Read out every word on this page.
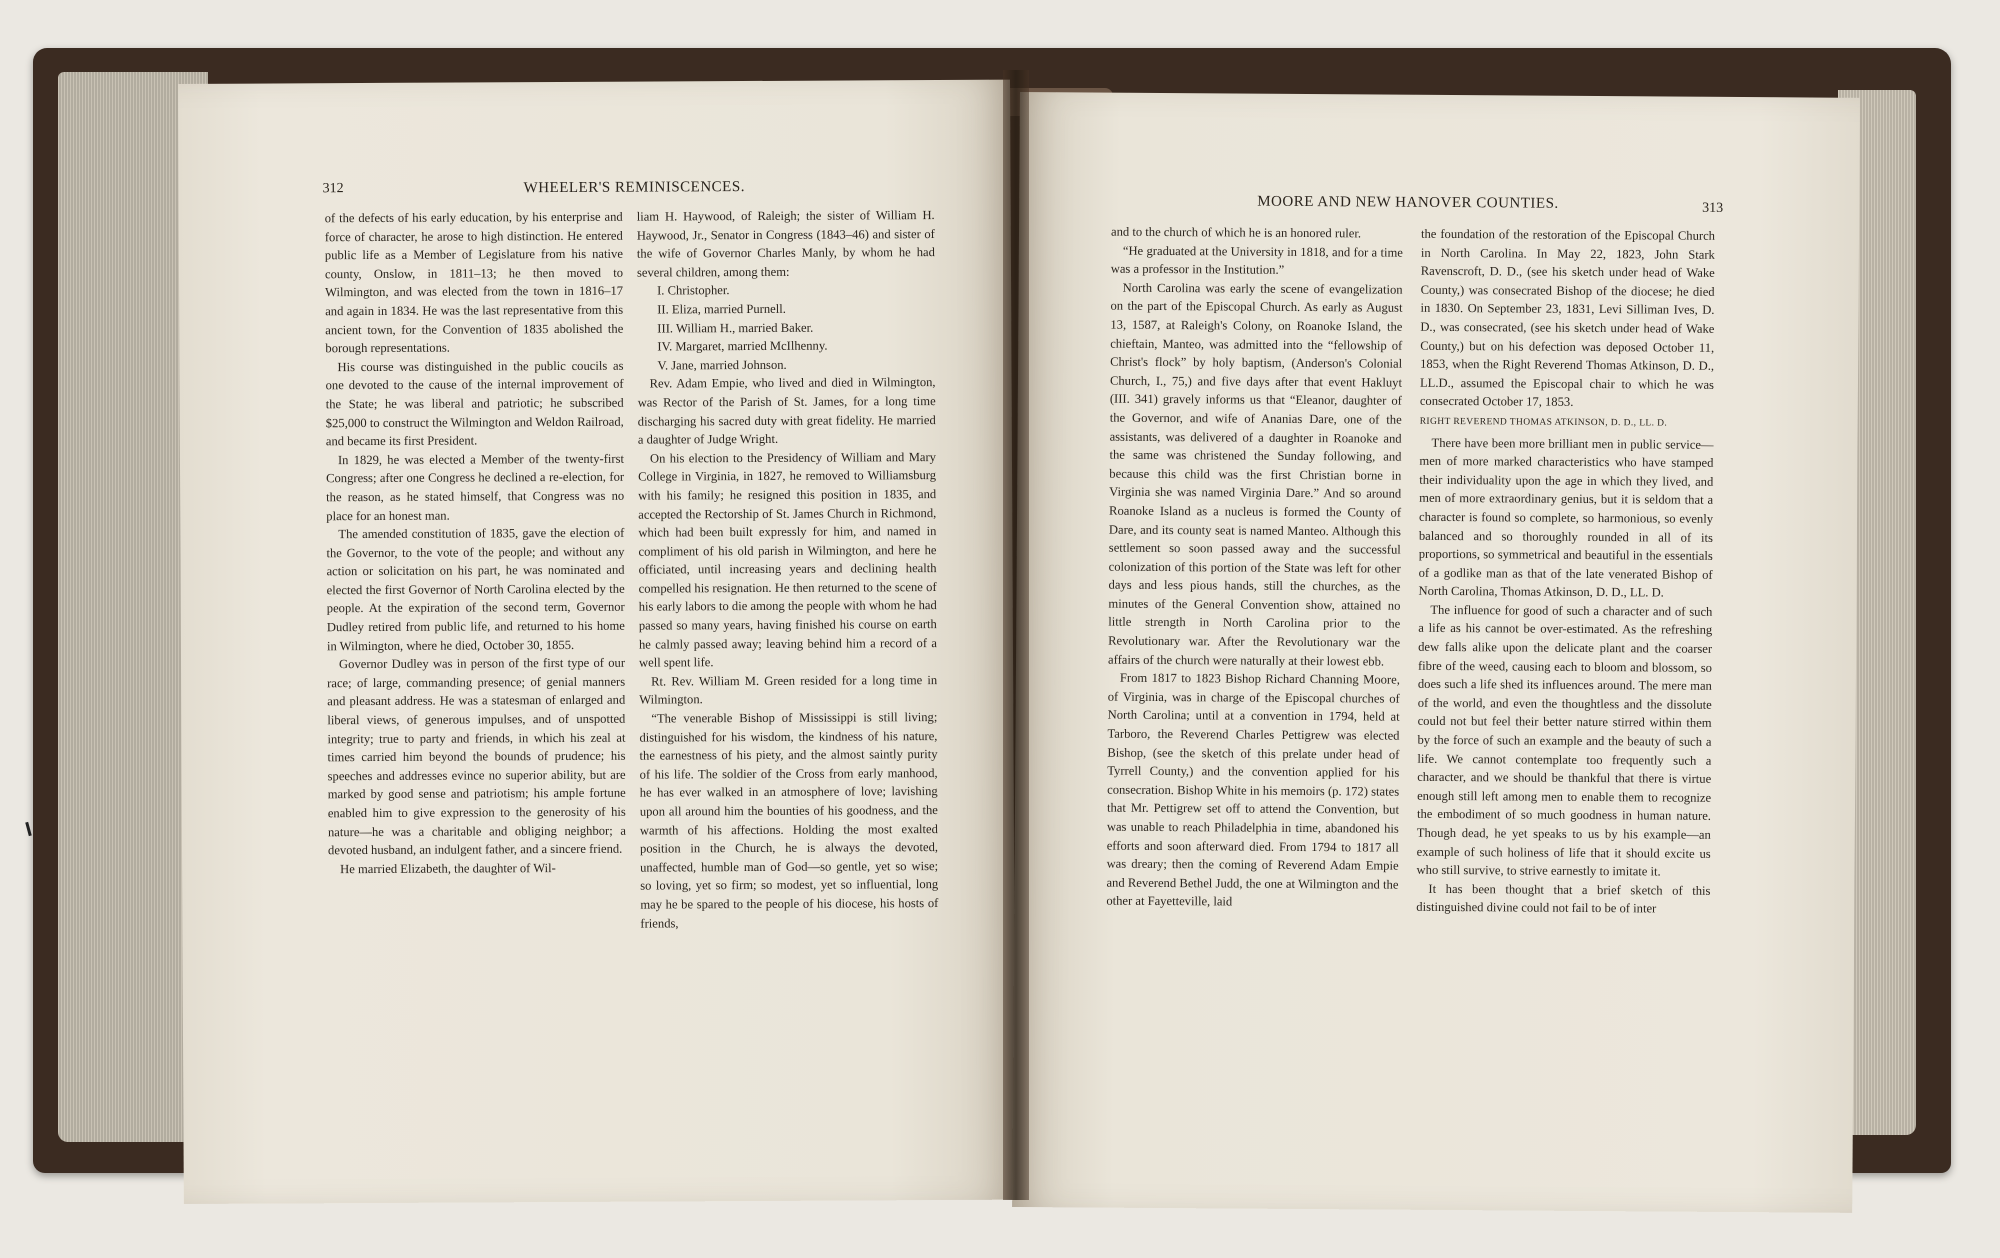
312	WHEELER'S REMINISCENCES.

of the defects of his early education, by his enterprise and force of character, he arose to high distinction. He entered public life as a Member of Legislature from his native county, Onslow, in 1811–13; he then moved to Wilmington, and was elected from the town in 1816–17 and again in 1834. He was the last representative from this ancient town, for the Convention of 1835 abolished the borough representations.

His course was distinguished in the public coucils as one devoted to the cause of the internal improvement of the State; he was liberal and patriotic; he subscribed $25,000 to construct the Wilmington and Weldon Railroad, and became its first President.

In 1829, he was elected a Member of the twenty-first Congress; after one Congress he declined a re-election, for the reason, as he stated himself, that Congress was no place for an honest man.

The amended constitution of 1835, gave the election of the Governor, to the vote of the people; and without any action or solicitation on his part, he was nominated and elected the first Governor of North Carolina elected by the people. At the expiration of the second term, Governor Dudley retired from public life, and returned to his home in Wilmington, where he died, October 30, 1855.

Governor Dudley was in person of the first type of our race; of large, commanding presence; of genial manners and pleasant address. He was a statesman of enlarged and liberal views, of generous impulses, and of unspotted integrity; true to party and friends, in which his zeal at times carried him beyond the bounds of prudence; his speeches and addresses evince no superior ability, but are marked by good sense and patriotism; his ample fortune enabled him to give expression to the generosity of his nature—he was a charitable and obliging neighbor; a devoted husband, an indulgent father, and a sincere friend.

He married Elizabeth, the daughter of Wil-

liam H. Haywood, of Raleigh; the sister of William H. Haywood, Jr., Senator in Congress (1843–46) and sister of the wife of Governor Charles Manly, by whom he had several children, among them:

I. Christopher.

II. Eliza, married Purnell.

III. William H., married Baker.

IV. Margaret, married McIlhenny.

V. Jane, married Johnson.

Rev. Adam Empie, who lived and died in Wilmington, was Rector of the Parish of St. James, for a long time discharging his sacred duty with great fidelity. He married a daughter of Judge Wright.

On his election to the Presidency of William and Mary College in Virginia, in 1827, he removed to Williamsburg with his family; he resigned this position in 1835, and accepted the Rectorship of St. James Church in Richmond, which had been built expressly for him, and named in compliment of his old parish in Wilmington, and here he officiated, until increasing years and declining health compelled his resignation. He then returned to the scene of his early labors to die among the people with whom he had passed so many years, having finished his course on earth he calmly passed away; leaving behind him a record of a well spent life.

Rt. Rev. William M. Green resided for a long time in Wilmington.

“The venerable Bishop of Mississippi is still living; distinguished for his wisdom, the kindness of his nature, the earnestness of his piety, and the almost saintly purity of his life. The soldier of the Cross from early manhood, he has ever walked in an atmosphere of love; lavishing upon all around him the bounties of his goodness, and the warmth of his affections. Holding the most exalted position in the Church, he is always the devoted, unaffected, humble man of God—so gentle, yet so wise; so loving, yet so firm; so modest, yet so influential, long may he be spared to the people of his diocese, his hosts of friends,

MOORE AND NEW HANOVER COUNTIES.	313

and to the church of which he is an honored ruler.

“He graduated at the University in 1818, and for a time was a professor in the Institution.”

North Carolina was early the scene of evangelization on the part of the Episcopal Church. As early as August 13, 1587, at Raleigh's Colony, on Roanoke Island, the chieftain, Manteo, was admitted into the “fellowship of Christ's flock” by holy baptism, (Anderson's Colonial Church, I., 75,) and five days after that event Hakluyt (III. 341) gravely informs us that “Eleanor, daughter of the Governor, and wife of Ananias Dare, one of the assistants, was delivered of a daughter in Roanoke and the same was christened the Sunday following, and because this child was the first Christian borne in Virginia she was named Virginia Dare.” And so around Roanoke Island as a nucleus is formed the County of Dare, and its county seat is named Manteo. Although this settlement so soon passed away and the successful colonization of this portion of the State was left for other days and less pious hands, still the churches, as the minutes of the General Convention show, attained no little strength in North Carolina prior to the Revolutionary war. After the Revolutionary war the affairs of the church were naturally at their lowest ebb.

From 1817 to 1823 Bishop Richard Channing Moore, of Virginia, was in charge of the Episcopal churches of North Carolina; until at a convention in 1794, held at Tarboro, the Reverend Charles Pettigrew was elected Bishop, (see the sketch of this prelate under head of Tyrrell County,) and the convention applied for his consecration. Bishop White in his memoirs (p. 172) states that Mr. Pettigrew set off to attend the Convention, but was unable to reach Philadelphia in time, abandoned his efforts and soon afterward died. From 1794 to 1817 all was dreary; then the coming of Reverend Adam Empie and Reverend Bethel Judd, the one at Wilmington and the other at Fayetteville, laid

the foundation of the restoration of the Episcopal Church in North Carolina. In May 22, 1823, John Stark Ravenscroft, D. D., (see his sketch under head of Wake County,) was consecrated Bishop of the diocese; he died in 1830. On September 23, 1831, Levi Silliman Ives, D. D., was consecrated, (see his sketch under head of Wake County,) but on his defection was deposed October 11, 1853, when the Right Reverend Thomas Atkinson, D. D., LL.D., assumed the Episcopal chair to which he was consecrated October 17, 1853.

RIGHT REVEREND THOMAS ATKINSON, D. D., LL. D.

There have been more brilliant men in public service—men of more marked characteristics who have stamped their individuality upon the age in which they lived, and men of more extraordinary genius, but it is seldom that a character is found so complete, so harmonious, so evenly balanced and so thoroughly rounded in all of its proportions, so symmetrical and beautiful in the essentials of a godlike man as that of the late venerated Bishop of North Carolina, Thomas Atkinson, D. D., LL. D.

The influence for good of such a character and of such a life as his cannot be over-estimated. As the refreshing dew falls alike upon the delicate plant and the coarser fibre of the weed, causing each to bloom and blossom, so does such a life shed its influences around. The mere man of the world, and even the thoughtless and the dissolute could not but feel their better nature stirred within them by the force of such an example and the beauty of such a life. We cannot contemplate too frequently such a character, and we should be thankful that there is virtue enough still left among men to enable them to recognize the embodiment of so much goodness in human nature. Though dead, he yet speaks to us by his example—an example of such holiness of life that it should excite us who still survive, to strive earnestly to imitate it.

It has been thought that a brief sketch of this distinguished divine could not fail to be of inter
